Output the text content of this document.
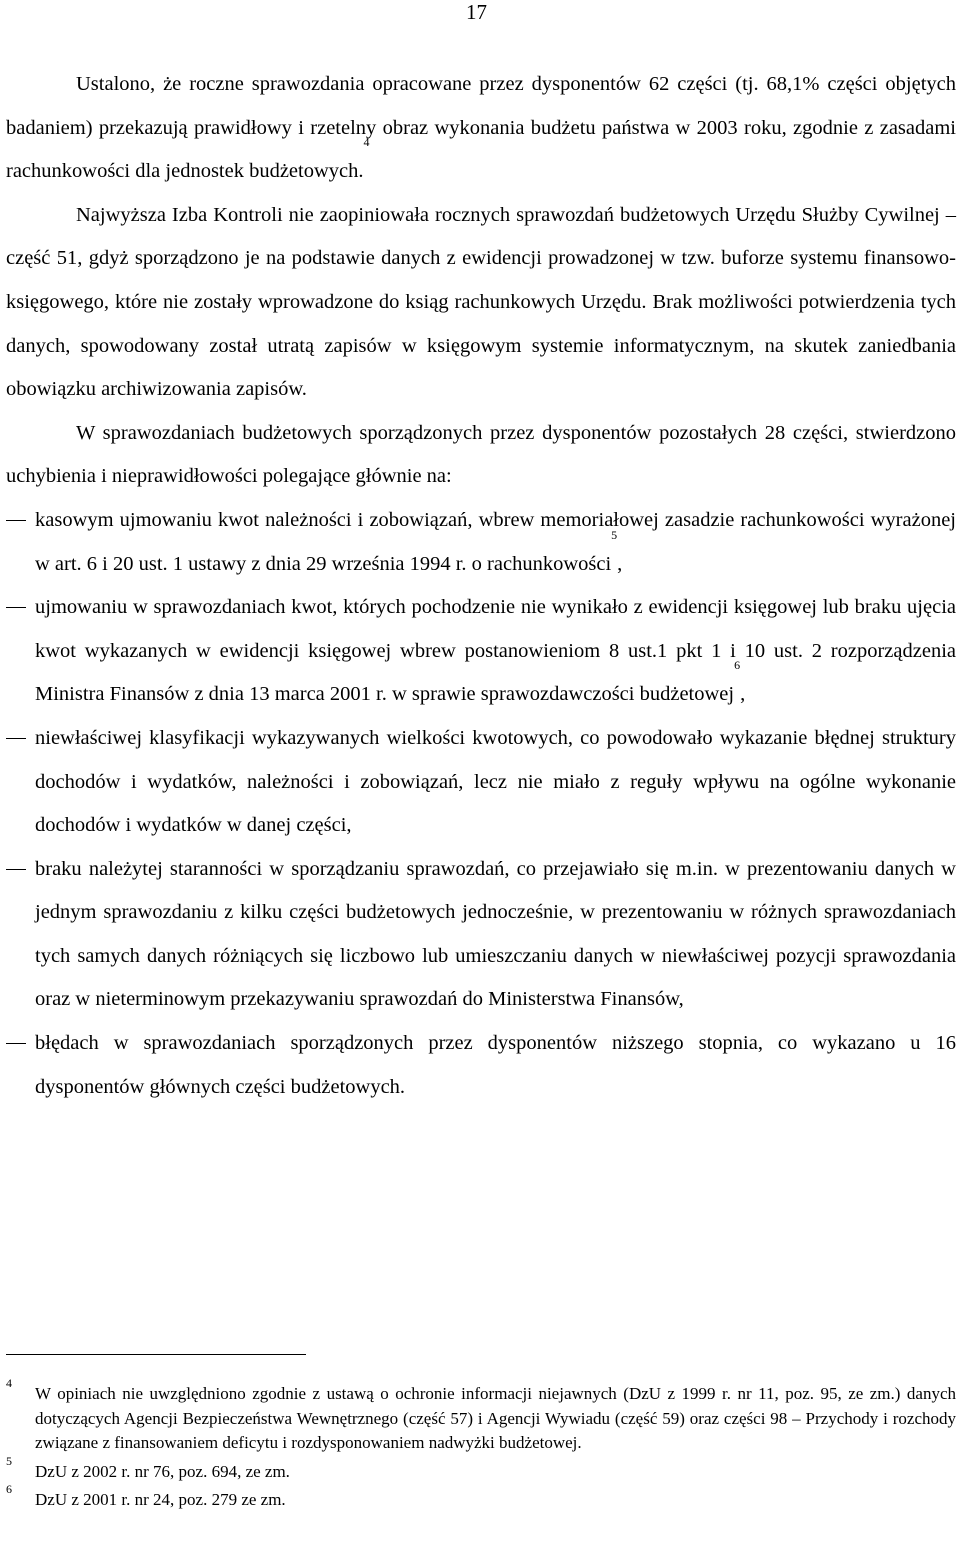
17

Ustalono, że roczne sprawozdania opracowane przez dysponentów 62 części (tj. 68,1% części objętych badaniem) przekazują prawidłowy i rzetelny obraz wykonania budżetu państwa w 2003 roku, zgodnie z zasadami rachunkowości dla jednostek budżetowych.$^4$

Najwyższa Izba Kontroli nie zaopiniowała rocznych sprawozdań budżetowych Urzędu Służby Cywilnej ‒ część 51, gdyż sporządzono je na podstawie danych z ewidencji prowadzonej w tzw. buforze systemu finansowo-księgowego, które nie zostały wprowadzone do ksiąg rachunkowych Urzędu. Brak możliwości potwierdzenia tych danych, spowodowany został utratą zapisów w księgowym systemie informatycznym, na skutek zaniedbania obowiązku archiwizowania zapisów.

W sprawozdaniach budżetowych sporządzonych przez dysponentów pozostałych 28 części, stwierdzono uchybienia i nieprawidłowości polegające głównie na:

kasowym ujmowaniu kwot należności i zobowiązań, wbrew memoriałowej zasadzie rachunkowości wyrażonej w art. 6 i 20 ust. 1 ustawy z dnia 29 września 1994 r. o rachunkowości$^5$,
ujmowaniu w sprawozdaniach kwot, których pochodzenie nie wynikało z ewidencji księgowej lub braku ujęcia kwot wykazanych w ewidencji księgowej wbrew postanowieniom 8 ust.1 pkt 1 i 10 ust. 2 rozporządzenia Ministra Finansów z dnia 13 marca 2001 r. w sprawie sprawozdawczości budżetowej$^6$,
niewłaściwej klasyfikacji wykazywanych wielkości kwotowych, co powodowało wykazanie błędnej struktury dochodów i wydatków, należności i zobowiązań, lecz nie miało z reguły wpływu na ogólne wykonanie dochodów i wydatków w danej części,
braku należytej staranności w sporządzaniu sprawozdań, co przejawiało się m.in. w prezentowaniu danych w jednym sprawozdaniu z kilku części budżetowych jednocześnie, w prezentowaniu w różnych sprawozdaniach tych samych danych różniących się liczbowo lub umieszczaniu danych w niewłaściwej pozycji sprawozdania oraz w nieterminowym przekazywaniu sprawozdań do Ministerstwa Finansów,
błędach w sprawozdaniach sporządzonych przez dysponentów niższego stopnia, co wykazano u 16 dysponentów głównych części budżetowych.
4
W opiniach nie uwzględniono zgodnie z ustawą o ochronie informacji niejawnych (DzU z 1999 r. nr 11, poz. 95, ze zm.) danych dotyczących Agencji Bezpieczeństwa Wewnętrznego (część 57) i Agencji Wywiadu (część 59) oraz części 98 ‒ Przychody i rozchody związane z finansowaniem deficytu i rozdysponowaniem nadwyżki budżetowej.
5
DzU z 2002 r. nr 76, poz. 694, ze zm.
6
DzU z 2001 r. nr 24, poz. 279 ze zm.
